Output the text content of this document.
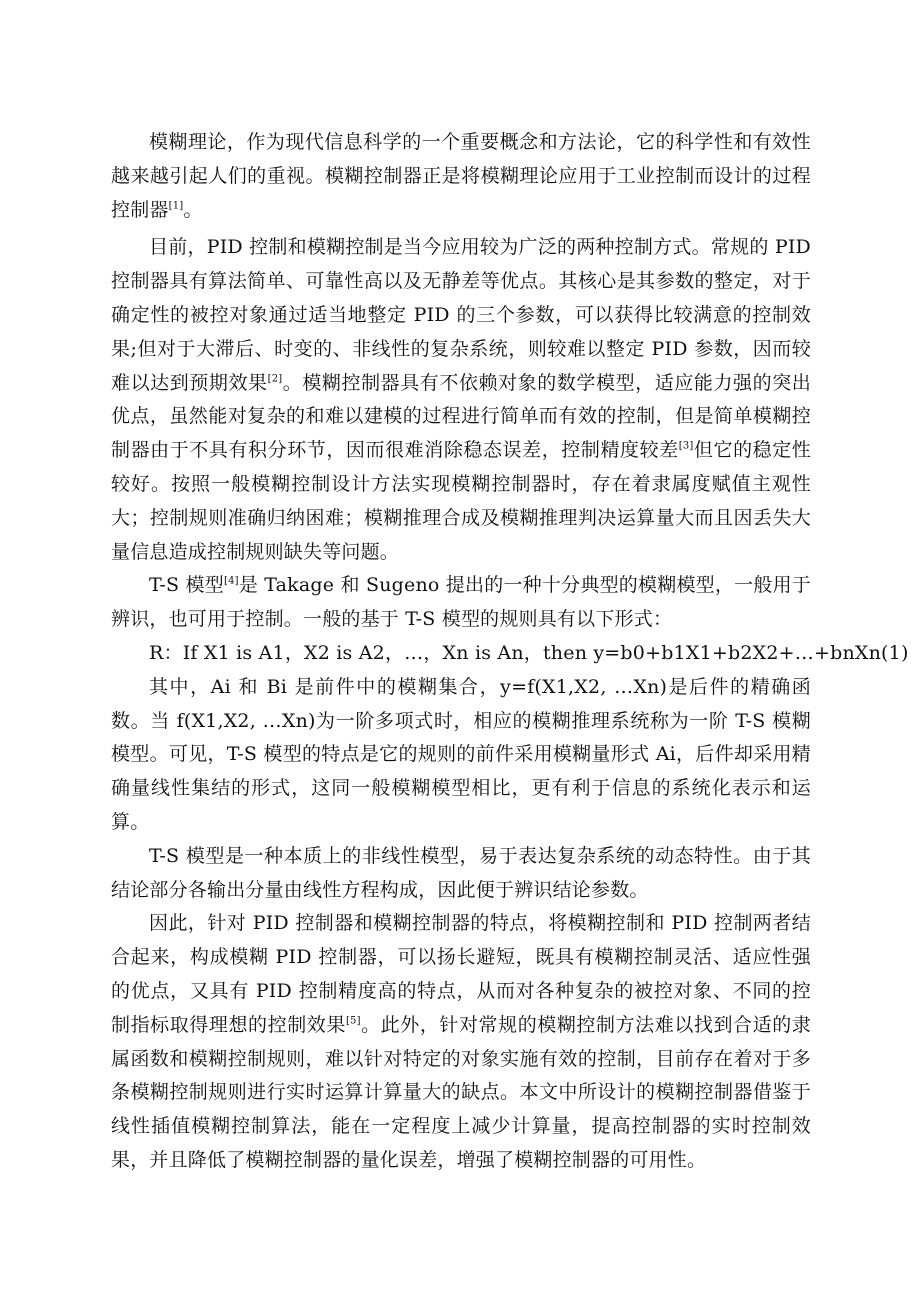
模糊理论，作为现代信息科学的一个重要概念和方法论，它的科学性和有效性越来越引起人们的重视。模糊控制器正是将模糊理论应用于工业控制而设计的过程控制器[1]。

目前，PID 控制和模糊控制是当今应用较为广泛的两种控制方式。常规的 PID 控制器具有算法简单、可靠性高以及无静差等优点。其核心是其参数的整定，对于确定性的被控对象通过适当地整定 PID 的三个参数，可以获得比较满意的控制效果;但对于大滞后、时变的、非线性的复杂系统，则较难以整定 PID 参数，因而较难以达到预期效果[2]。模糊控制器具有不依赖对象的数学模型，适应能力强的突出优点，虽然能对复杂的和难以建模的过程进行简单而有效的控制，但是简单模糊控制器由于不具有积分环节，因而很难消除稳态误差，控制精度较差[3]但它的稳定性较好。按照一般模糊控制设计方法实现模糊控制器时，存在着隶属度赋值主观性大；控制规则准确归纳困难；模糊推理合成及模糊推理判决运算量大而且因丢失大量信息造成控制规则缺失等问题。

T-S 模型[4]是 Takage 和 Sugeno 提出的一种十分典型的模糊模型，一般用于辨识，也可用于控制。一般的基于 T-S 模型的规则具有以下形式：

R：If X1 is A1，X2 is A2，…，Xn is An，then y=b0+b1X1+b2X2+…+bnXn (1)

其中，Ai 和 Bi 是前件中的模糊集合，y=f(X1,X2, …Xn)是后件的精确函数。当 f(X1,X2, …Xn)为一阶多项式时，相应的模糊推理系统称为一阶 T-S 模糊模型。可见，T-S 模型的特点是它的规则的前件采用模糊量形式 Ai，后件却采用精确量线性集结的形式，这同一般模糊模型相比，更有利于信息的系统化表示和运算。

T-S 模型是一种本质上的非线性模型，易于表达复杂系统的动态特性。由于其结论部分各输出分量由线性方程构成，因此便于辨识结论参数。

因此，针对 PID 控制器和模糊控制器的特点，将模糊控制和 PID 控制两者结合起来，构成模糊 PID 控制器，可以扬长避短，既具有模糊控制灵活、适应性强的优点，又具有 PID 控制精度高的特点，从而对各种复杂的被控对象、不同的控制指标取得理想的控制效果[5]。此外，针对常规的模糊控制方法难以找到合适的隶属函数和模糊控制规则，难以针对特定的对象实施有效的控制，目前存在着对于多条模糊控制规则进行实时运算计算量大的缺点。本文中所设计的模糊控制器借鉴于线性插值模糊控制算法，能在一定程度上减少计算量，提高控制器的实时控制效果，并且降低了模糊控制器的量化误差，增强了模糊控制器的可用性。
